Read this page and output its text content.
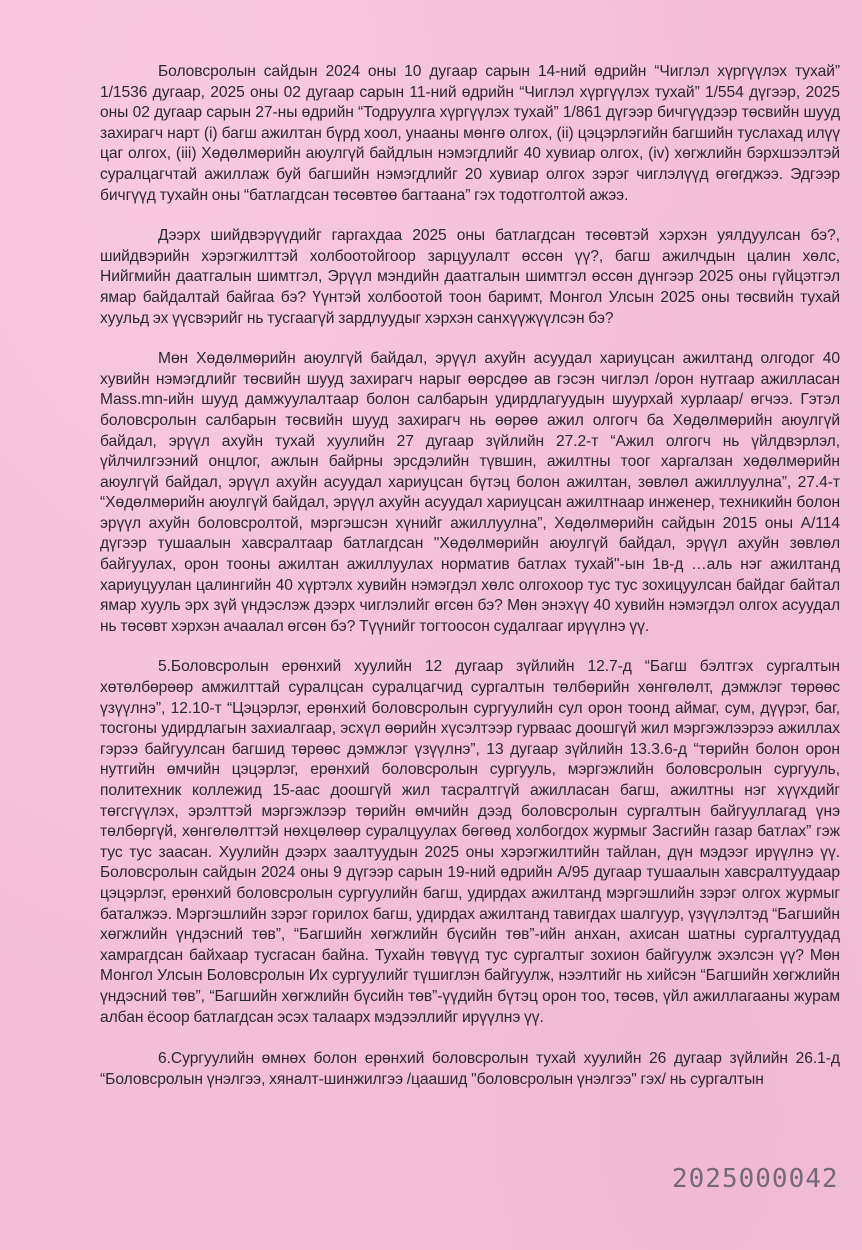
Боловсролын сайдын 2024 оны 10 дугаар сарын 14-ний өдрийн “Чиглэл хүргүүлэх тухай” 1/1536 дугаар, 2025 оны 02 дугаар сарын 11-ний өдрийн “Чиглэл хүргүүлэх тухай” 1/554 дүгээр, 2025 оны 02 дугаар сарын 27-ны өдрийн “Тодруулга хүргүүлэх тухай” 1/861 дүгээр бичгүүдээр төсвийн шууд захирагч нарт (i) багш ажилтан бүрд хоол, унааны мөнгө олгох, (ii) цэцэрлэгийн багшийн туслахад илүү цаг олгох, (iii) Хөдөлмөрийн аюулгүй байдлын нэмэгдлийг 40 хувиар олгох, (iv) хөгжлийн бэрхшээлтэй суралцагчтай ажиллаж буй багшийн нэмэгдлийг 20 хувиар олгох зэрэг чиглэлүүд өгөгджээ. Эдгээр бичгүүд тухайн оны “батлагдсан төсөвтөө багтаана” гэх тодотголтой ажээ.

Дээрх шийдвэрүүдийг гаргахдаа 2025 оны батлагдсан төсөвтэй хэрхэн уялдуулсан бэ?, шийдвэрийн хэрэгжилттэй холбоотойгоор зарцуулалт өссөн үү?, багш ажилчдын цалин хөлс, Нийгмийн даатгалын шимтгэл, Эрүүл мэндийн даатгалын шимтгэл өссөн дүнгээр 2025 оны гүйцэтгэл ямар байдалтай байгаа бэ? Үүнтэй холбоотой тоон баримт, Монгол Улсын 2025 оны төсвийн тухай хуульд эх үүсвэрийг нь тусгаагүй зардлуудыг хэрхэн санхүүжүүлсэн бэ?

Мөн Хөдөлмөрийн аюулгүй байдал, эрүүл ахуйн асуудал хариуцсан ажилтанд олгодог 40 хувийн нэмэгдлийг төсвийн шууд захирагч нарыг өөрсдөө ав гэсэн чиглэл /орон нутгаар ажилласан Mass.mn-ийн шууд дамжуулалтаар болон салбарын удирдлагуудын шуурхай хурлаар/ өгчээ. Гэтэл боловсролын салбарын төсвийн шууд захирагч нь өөрөө ажил олгогч ба Хөдөлмөрийн аюулгүй байдал, эрүүл ахуйн тухай хуулийн 27 дугаар зүйлийн 27.2-т “Ажил олгогч нь үйлдвэрлэл, үйлчилгээний онцлог, ажлын байрны эрсдэлийн түвшин, ажилтны тоог харгалзан хөдөлмөрийн аюулгүй байдал, эрүүл ахуйн асуудал хариуцсан бүтэц болон ажилтан, зөвлөл ажиллуулна”, 27.4-т “Хөдөлмөрийн аюулгүй байдал, эрүүл ахуйн асуудал хариуцсан ажилтнаар инженер, техникийн болон эрүүл ахуйн боловсролтой, мэргэшсэн хүнийг ажиллуулна”, Хөдөлмөрийн сайдын 2015 оны А/114 дүгээр тушаалын хавсралтаар батлагдсан "Хөдөлмөрийн аюулгүй байдал, эрүүл ахуйн зөвлөл байгуулах, орон тооны ажилтан ажиллуулах норматив батлах тухай"-ын 1в-д …аль нэг ажилтанд хариуцуулан цалингийн 40 хүртэлх хувийн нэмэгдэл хөлс олгохоор тус тус зохицуулсан байдаг байтал ямар хууль эрх зүй үндэслэж дээрх чиглэлийг өгсөн бэ? Мөн энэхүү 40 хувийн нэмэгдэл олгох асуудал нь төсөвт хэрхэн ачаалал өгсөн бэ? Түүнийг тогтоосон судалгааг ирүүлнэ үү.

5.Боловсролын ерөнхий хуулийн 12 дугаар зүйлийн 12.7-д “Багш бэлтгэх сургалтын хөтөлбөрөөр амжилттай суралцсан суралцагчид сургалтын төлбөрийн хөнгөлөлт, дэмжлэг төрөөс үзүүлнэ”, 12.10-т “Цэцэрлэг, ерөнхий боловсролын сургуулийн сул орон тоонд аймаг, сум, дүүрэг, баг, тосгоны удирдлагын захиалгаар, эсхүл өөрийн хүсэлтээр гурваас доошгүй жил мэргэжлээрээ ажиллах гэрээ байгуулсан багшид төрөөс дэмжлэг үзүүлнэ”, 13 дугаар зүйлийн 13.3.6-д “төрийн болон орон нутгийн өмчийн цэцэрлэг, ерөнхий боловсролын сургууль, мэргэжлийн боловсролын сургууль, политехник коллежид 15-аас доошгүй жил тасралтгүй ажилласан багш, ажилтны нэг хүүхдийг төгсгүүлэх, эрэлттэй мэргэжлээр төрийн өмчийн дээд боловсролын сургалтын байгууллагад үнэ төлбөргүй, хөнгөлөлттэй нөхцөлөөр суралцуулах бөгөөд холбогдох журмыг Засгийн газар батлах” гэж тус тус заасан. Хуулийн дээрх заалтуудын 2025 оны хэрэгжилтийн тайлан, дүн мэдээг ирүүлнэ үү. Боловсролын сайдын 2024 оны 9 дүгээр сарын 19-ний өдрийн А/95 дугаар тушаалын хавсралтуудаар цэцэрлэг, ерөнхий боловсролын сургуулийн багш, удирдах ажилтанд мэргэшлийн зэрэг олгох журмыг баталжээ. Мэргэшлийн зэрэг горилох багш, удирдах ажилтанд тавигдах шалгуур, үзүүлэлтэд “Багшийн хөгжлийн үндэсний төв”, “Багшийн хөгжлийн бүсийн төв”-ийн анхан, ахисан шатны сургалтуудад хамрагдсан байхаар тусгасан байна. Тухайн төвүүд тус сургалтыг зохион байгуулж эхэлсэн үү? Мөн Монгол Улсын Боловсролын Их сургуулийг түшиглэн байгуулж, нээлтийг нь хийсэн “Багшийн хөгжлийн үндэсний төв”, “Багшийн хөгжлийн бүсийн төв”-үүдийн бүтэц орон тоо, төсөв, үйл ажиллагааны журам албан ёсоор батлагдсан эсэх талаарх мэдээллийг ирүүлнэ үү.

6.Сургуулийн өмнөх болон ерөнхий боловсролын тухай хуулийн 26 дугаар зүйлийн 26.1-д “Боловсролын үнэлгээ, хяналт-шинжилгээ /цаашид "боловсролын үнэлгээ" гэх/ нь сургалтын

2025000042
